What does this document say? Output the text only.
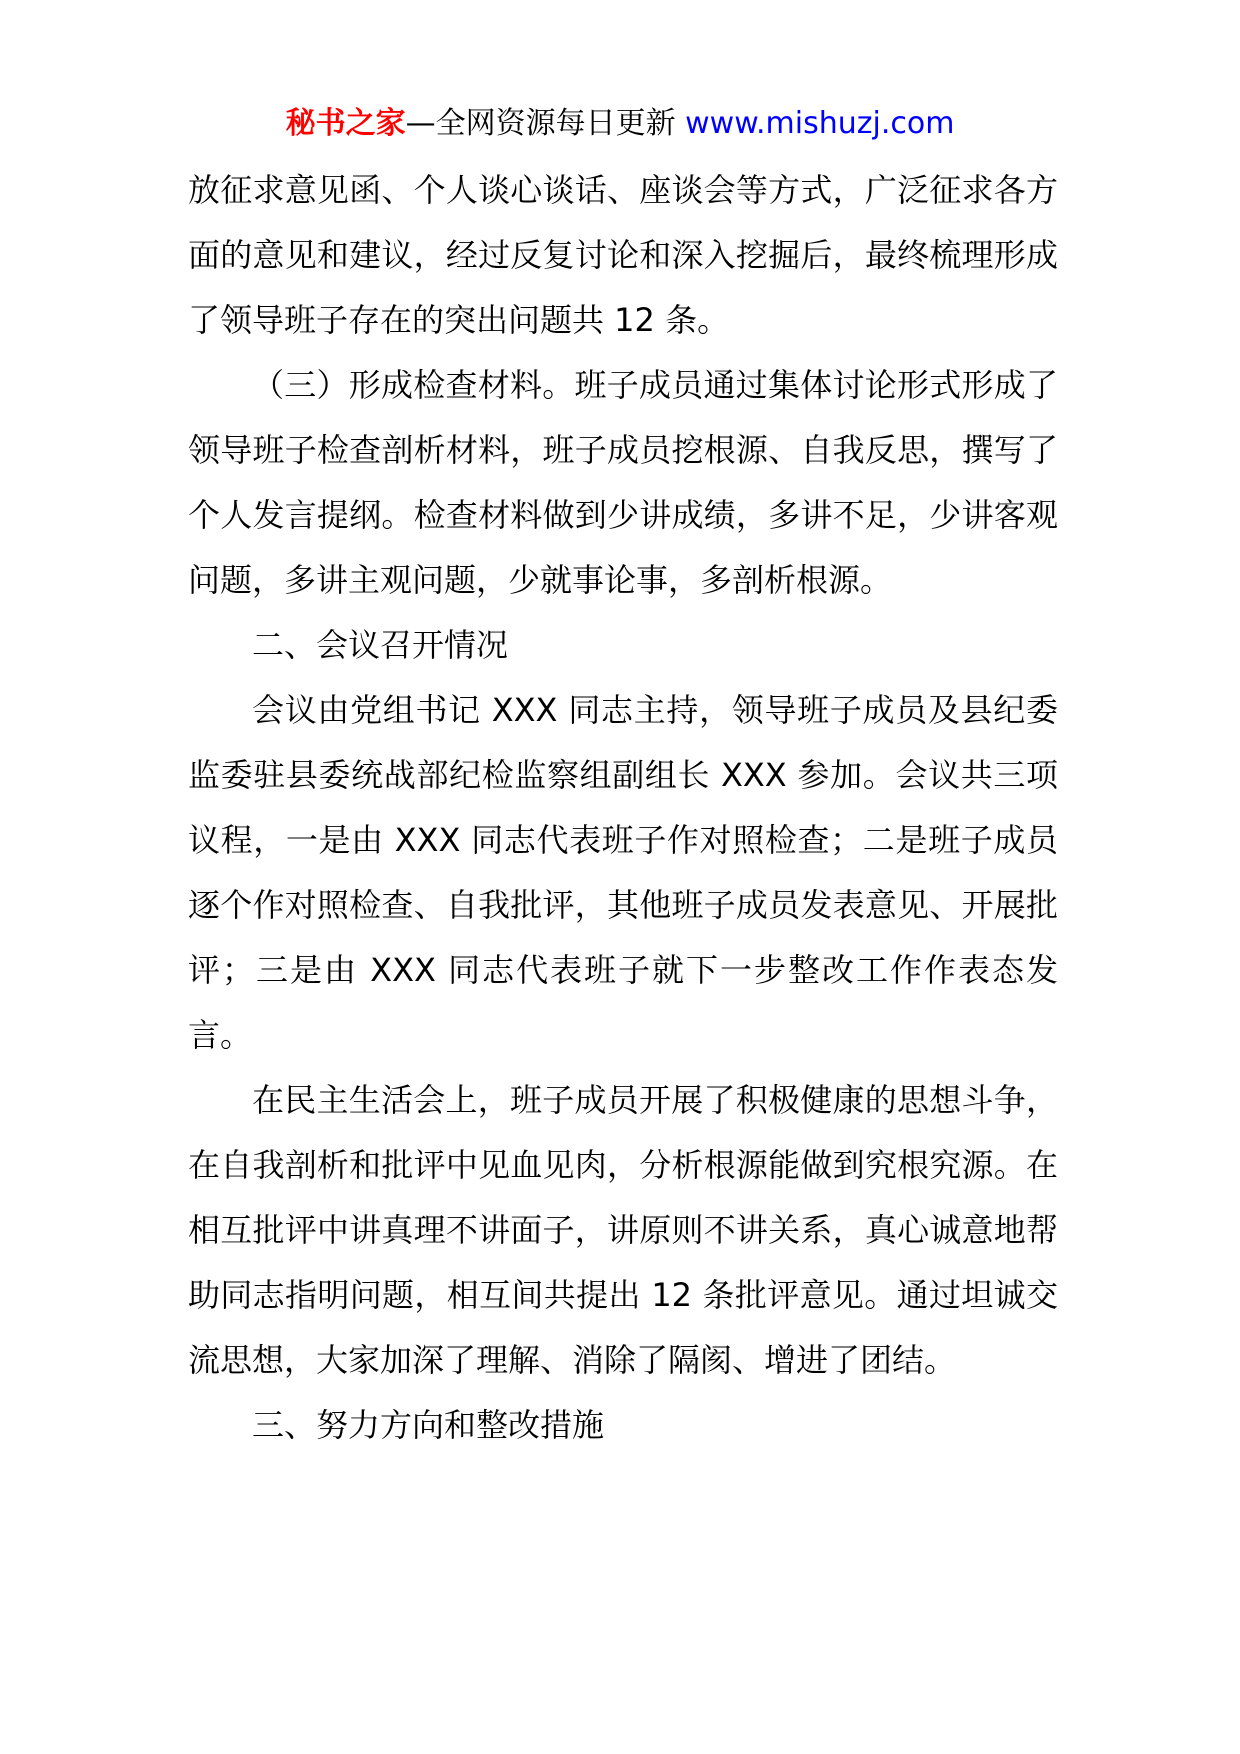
秘书之家—全网资源每日更新 www.mishuzj.com

放征求意见函、个人谈心谈话、座谈会等方式，广泛征求各方面的意见和建议，经过反复讨论和深入挖掘后，最终梳理形成了领导班子存在的突出问题共 12 条。

（三）形成检查材料。班子成员通过集体讨论形式形成了领导班子检查剖析材料，班子成员挖根源、自我反思，撰写了个人发言提纲。检查材料做到少讲成绩，多讲不足，少讲客观问题，多讲主观问题，少就事论事，多剖析根源。

二、会议召开情况

会议由党组书记 XXX 同志主持，领导班子成员及县纪委监委驻县委统战部纪检监察组副组长 XXX 参加。会议共三项议程，一是由 XXX 同志代表班子作对照检查；二是班子成员逐个作对照检查、自我批评，其他班子成员发表意见、开展批评；三是由 XXX 同志代表班子就下一步整改工作作表态发言。

在民主生活会上，班子成员开展了积极健康的思想斗争，在自我剖析和批评中见血见肉，分析根源能做到究根究源。在相互批评中讲真理不讲面子，讲原则不讲关系，真心诚意地帮助同志指明问题，相互间共提出 12 条批评意见。通过坦诚交流思想，大家加深了理解、消除了隔阂、增进了团结。

三、努力方向和整改措施
